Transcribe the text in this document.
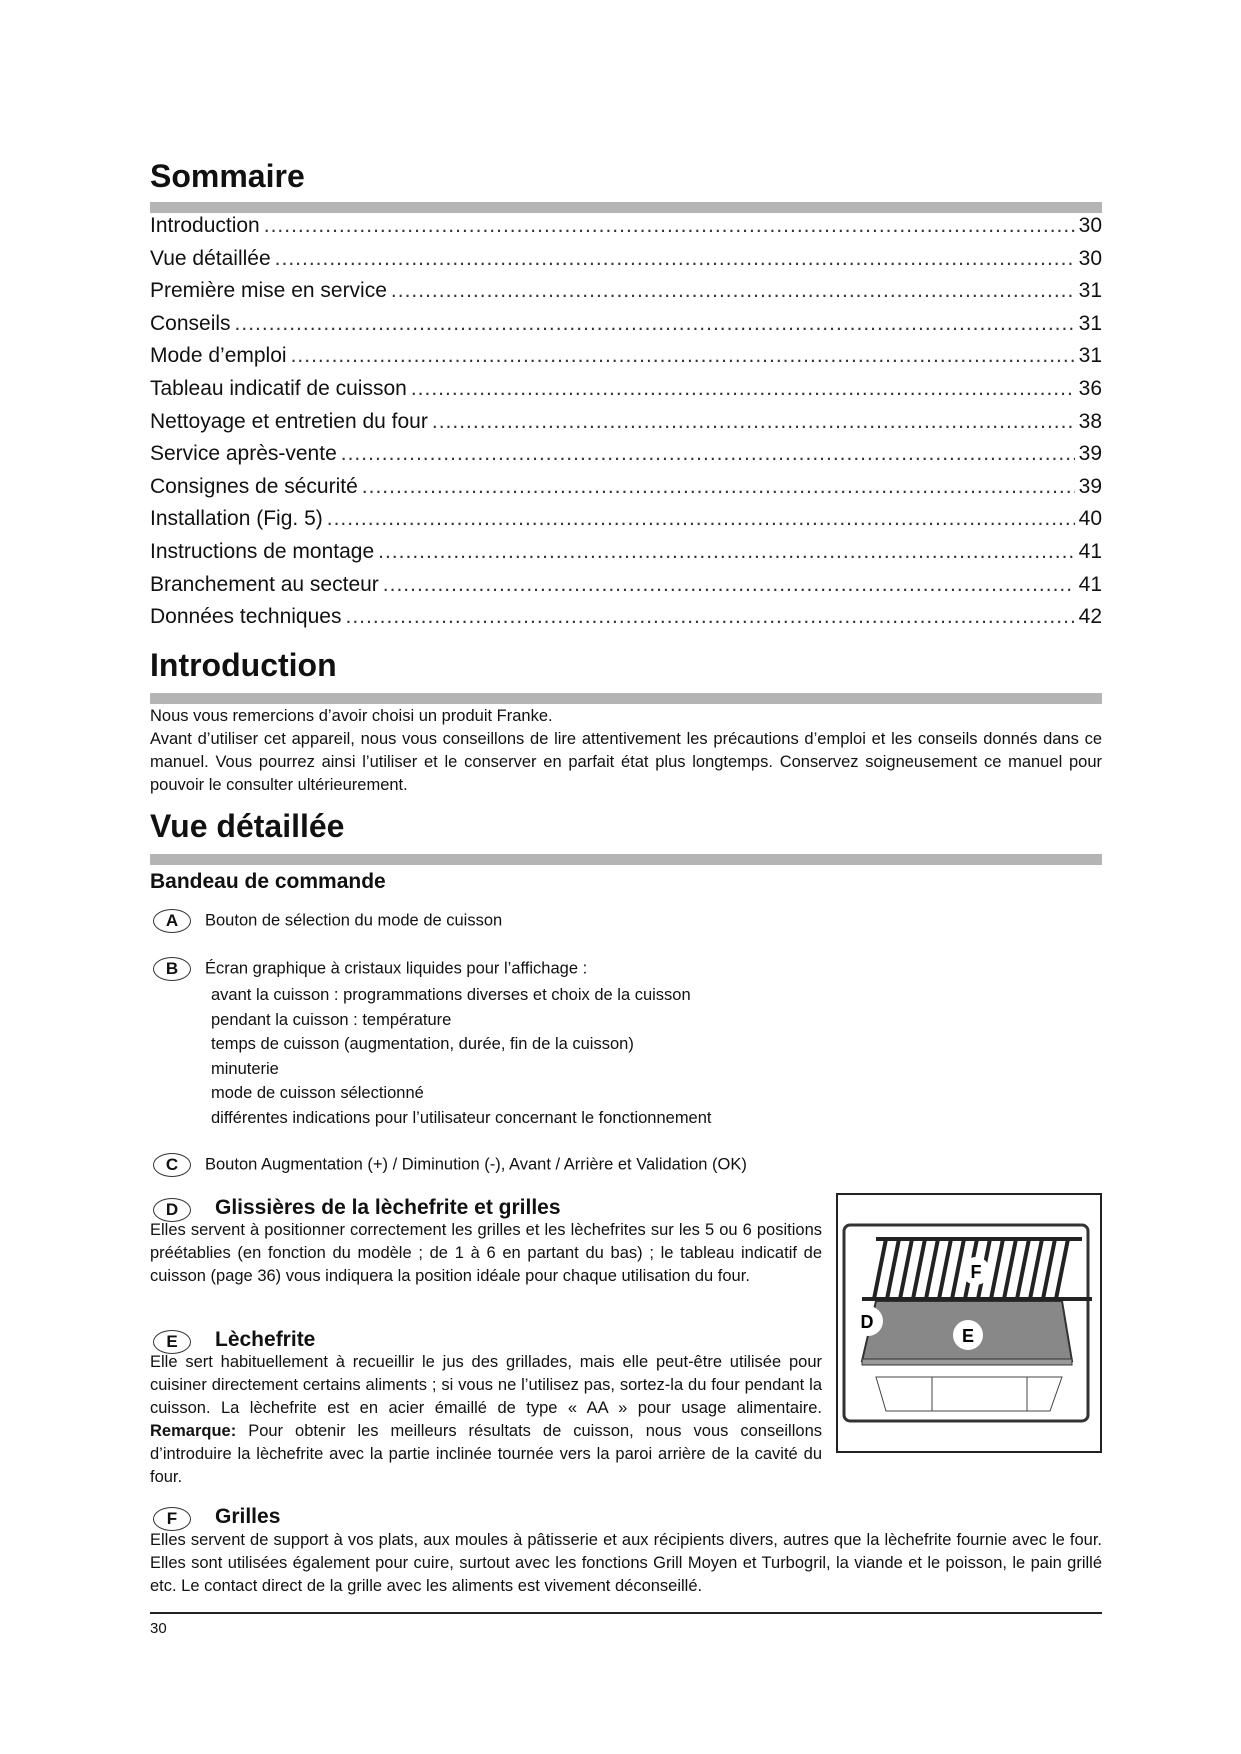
Sommaire
Introduction .....	30
Vue détaillée .....	30
Première mise en service .....	31
Conseils .....	31
Mode d’emploi .....	31
Tableau indicatif de cuisson .....	36
Nettoyage et entretien du four .....	38
Service après-vente .....	39
Consignes de sécurité .....	39
Installation (Fig. 5) .....	40
Instructions de montage .....	41
Branchement au secteur .....	41
Données techniques .....	42
Introduction
Nous vous remercions d’avoir choisi un produit Franke.
Avant d’utiliser cet appareil, nous vous conseillons de lire attentivement les précautions d’emploi et les conseils donnés dans ce manuel. Vous pourrez ainsi l’utiliser et le conserver en parfait état plus longtemps. Conservez soigneusement ce manuel pour pouvoir le consulter ultérieurement.
Vue détaillée
Bandeau de commande
A Bouton de sélection du mode de cuisson
B Écran graphique à cristaux liquides pour l’affichage :
avant la cuisson : programmations diverses et choix de la cuisson
pendant la cuisson : température
temps de cuisson (augmentation, durée, fin de la cuisson)
minuterie
mode de cuisson sélectionné
différentes indications pour l’utilisateur concernant le fonctionnement
C Bouton Augmentation (+) / Diminution (-), Avant / Arrière et Validation (OK)
D Glissières de la lèchefrite et grilles
Elles servent à positionner correctement les grilles et les lèchefrites sur les 5 ou 6 positions préétablies (en fonction du modèle ; de 1 à 6 en partant du bas) ; le tableau indicatif de cuisson (page 36) vous indiquera la position idéale pour chaque utilisation du four.
E Lèchefrite
Elle sert habituellement à recueillir le jus des grillades, mais elle peut-être utilisée pour cuisiner directement certains aliments ; si vous ne l’utilisez pas, sortez-la du four pendant la cuisson. La lèchefrite est en acier émaillé de type « AA » pour usage alimentaire. Remarque: Pour obtenir les meilleurs résultats de cuisson, nous vous conseillons d’introduire la lèchefrite avec la partie inclinée tournée vers la paroi arrière de la cavité du four.
F Grilles
Elles servent de support à vos plats, aux moules à pâtisserie et aux récipients divers, autres que la lèchefrite fournie avec le four. Elles sont utilisées également pour cuire, surtout avec les fonctions Grill Moyen et Turbogril, la viande et le poisson, le pain grillé etc. Le contact direct de la grille avec les aliments est vivement déconseillé.
F
D
E
30
